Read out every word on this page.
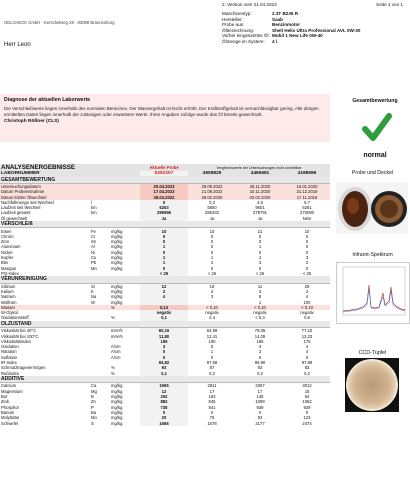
2. Version vom 21.04.2023	Seite 1 von 1
OELCHECK GmbH · Kerschelweg 28 · 83098 Brannenburg
Herr Leon
Maschinentyp:	2.3T B235 R
Hersteller:	Saab
Probe aus:	Benzinmotor
Ölbezeichnung:	Shell Helix Ultra Professional AVL 0W-30
Vorher eingesetztes Öl: Mobil 1 New Life 0W-40
Ölmenge im System:	4 l
Diagnose der aktuellen Laborwerte
Die Verschleißwerte liegen innerhalb des normalen Bereiches. Der Wassergehalt ist leicht erhöht. Der Kraftstoffgehalt ist vernachlässigbar gering. Alle übrigen ermittelten Daten liegen innerhalb der zulässigen oder erwarteten Werte. Ihren Angaben zufolge wurde das Öl bereits gewechselt.
Christoph Rößner (CLS)
Gesamtbewertung
normal
ANALYSENERGEBNISSE			Aktuelle Probe	Vergleichswerte der Untersuchungen nicht umstellbar		
LABORNUMMER			5252207	4909825	4465681	4198596
GESAMTBEWERTUNG						
Untersuchungsdatum			20.04.2023	28.09.2022	26.11.2020	16.01.2020
Datum Probeentnahme			17.04.2023	21.09.2022	10.11.2020	31.12.2019
Datum letzter Ölwechsel			28.03.2022	28.02.2020	02.02.2020	17.11.2018
Nachfüllmenge seit Wechsel	l		0	0,3	4,6	5,7
Laufzeit seit Wechsel	km		6253	5550	9601	6291
Laufzeit gesamt	km		295596	285333	279791	270080
Öl gewechselt			Ja	Ja	Ja	Nein
VERSCHLEIß						
Eisen	Fe	mg/kg	10	10	21	10
Chrom	Cr	mg/kg	0	0	0	0
Zinn	Sn	mg/kg	0	0	0	0
Aluminium	Al	mg/kg	1	0	1	0
Nickel	Ni	mg/kg	0	0	0	0
Kupfer	Cu	mg/kg	1	1	4	3
Blei	Pb	mg/kg	1	2	3	2
Mangan	Mn	mg/kg	0	0	0	0
PQ-Index			< 25	< 25	< 25	< 25
VERUNREINIGUNG						
Silizium	Si	mg/kg	12	18	11	29
Kalium	K	mg/kg	2	2	3	2
Natrium	Na	mg/kg	4	3	8	4
Wolfram	W	mg/kg			1	100
Wasser		%	0,13	< 0,10	< 0,10	< 0,10
W-Glykol			negativ	negativ	negativ	negativ
Oxidationsstoff		%	0,1	2,4	< 0,3	0,6
ÖLZUSTAND						
Viskosität bei 40°C		mm²/s	60,16	64,99	79,05	77,10
Viskosität bei 100°C		mm²/s	11,80	12,41	14,09	13,23
Viskositätsindex			195	190	185	175
Oxidation		A/cm	3	5	4	4
Nitration		A/cm	0	1	2	4
Sulfation		A/cm	0	0	0	0
IR-Index			94,82	97,68	96,90	97,89
Schmutztragevermögen		%	93	87	92	83
Rußindex		%	0,1	0,2	0,2	0,2
ADDITIVE						
Calcium	Ca	mg/kg	1965	2811	3357	3012
Magnesium	Mg	mg/kg	12	17	17	15
Bor	B	mg/kg	252	183	148	54
Zink	Zn	mg/kg	882	945	1099	1062
Phosphor	P	mg/kg	738	841	939	929
Barium	Ba	mg/kg	0	0	0	0
Molybdän	Mo	mg/kg	20	76	93	123
Schwefel	S	mg/kg	1656	1678	2177	2474
Probe und Deckel
Infrarot-Spektrum
CCD-Tüpfel
